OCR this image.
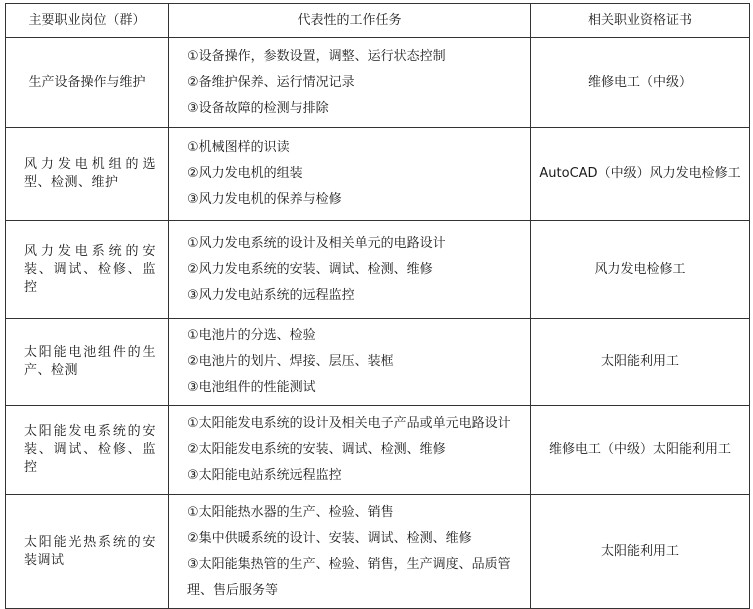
主要职业岗位（群）	代表性的工作任务	相关职业资格证书
生产设备操作与维护	①设备操作，参数设置，调整、运行状态控制
②备维护保养、运行情况记录
③设备故障的检测与排除	维修电工（中级）
风力发电机组的选型、检测、维护	①机械图样的识读
②风力发电机的组装
③风力发电机的保养与检修	AutoCAD（中级）风力发电检修工
风力发电系统的安装、调试、检修、监控	①风力发电系统的设计及相关单元的电路设计
②风力发电系统的安装、调试、检测、维修
③风力发电站系统的远程监控	风力发电检修工
太阳能电池组件的生产、检测	①电池片的分选、检验
②电池片的划片、焊接、层压、装框
③电池组件的性能测试	太阳能利用工
太阳能发电系统的安装、调试、检修、监控	①太阳能发电系统的设计及相关电子产品或单元电路设计
②太阳能发电系统的安装、调试、检测、维修
③太阳能电站系统远程监控	维修电工（中级）太阳能利用工
太阳能光热系统的安装调试	①太阳能热水器的生产、检验、销售
②集中供暖系统的设计、安装、调试、检测、维修
③太阳能集热管的生产、检验、销售，生产调度、品质管理、售后服务等	太阳能利用工
